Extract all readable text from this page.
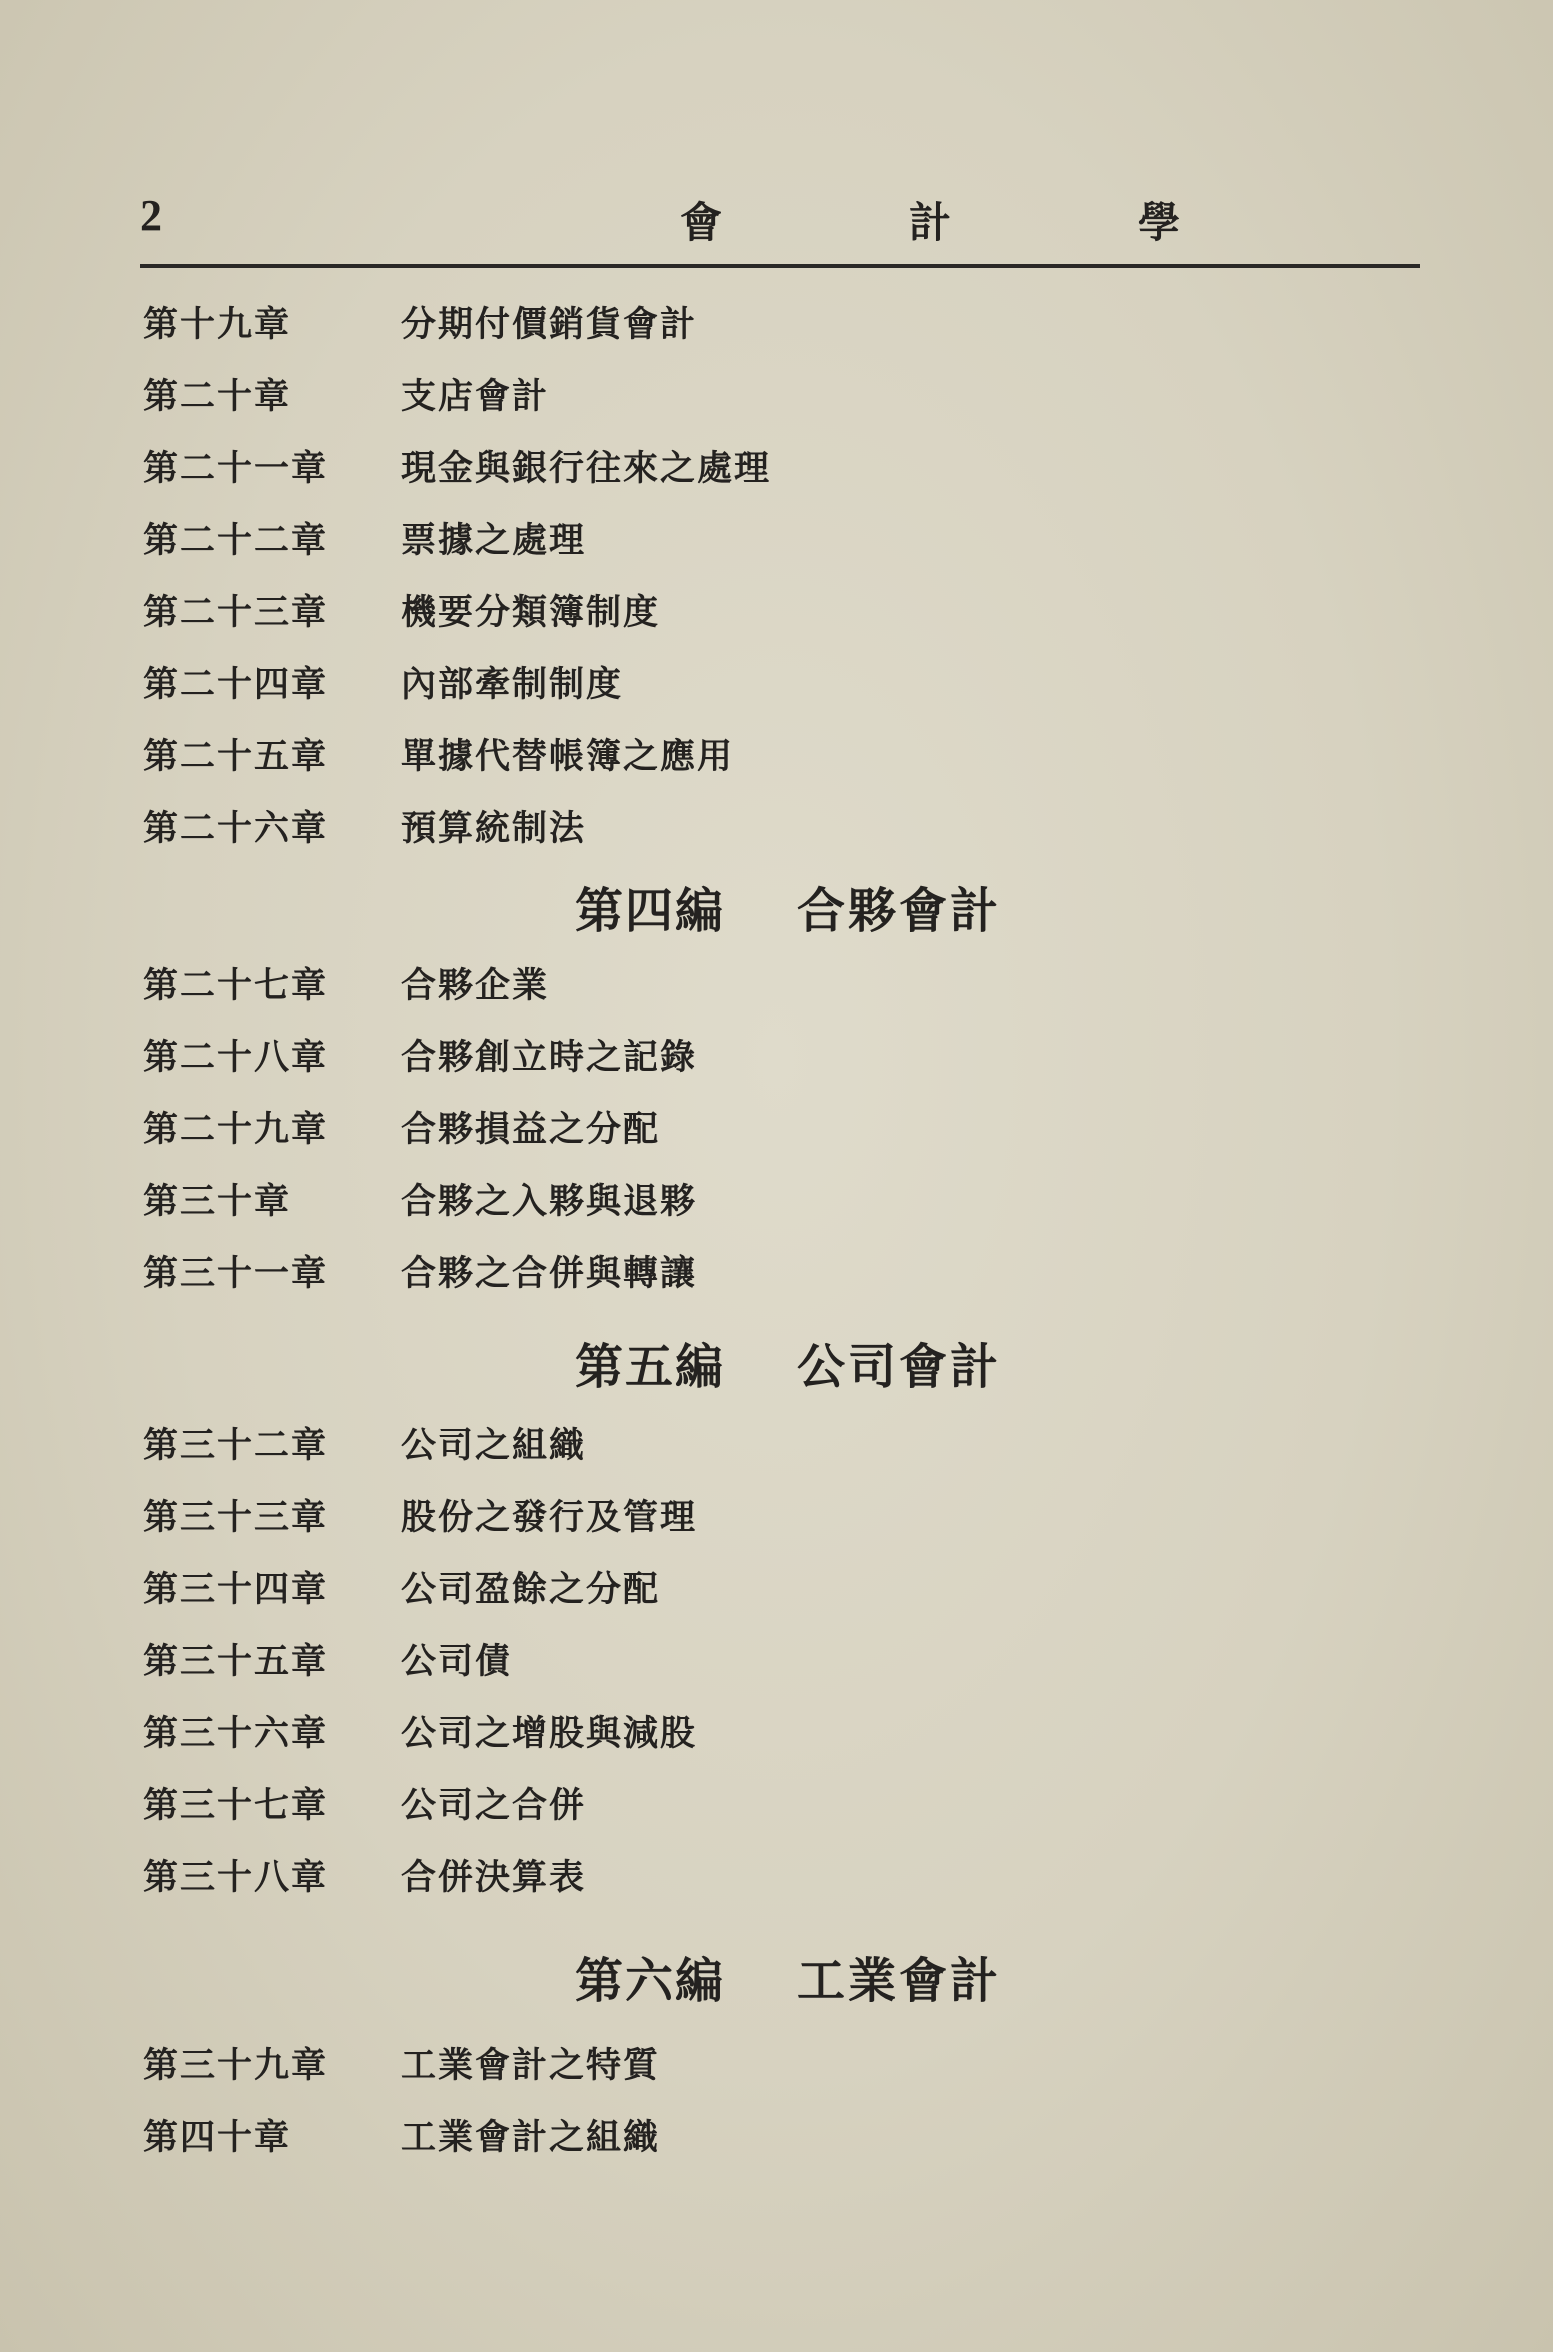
2	會	計	學
第十九章	分期付價銷貨會計
第二十章	支店會計
第二十一章 現金與銀行往來之處理
第二十二章 票據之處理
第二十三章 機要分類簿制度
第二十四章 內部牽制制度
第二十五章 單據代替帳簿之應用
第二十六章 預算統制法
第四編 合夥會計
第二十七章 合夥企業
第二十八章 合夥創立時之記錄
第二十九章 合夥損益之分配
第三十章	合夥之入夥與退夥
第三十一章 合夥之合併與轉讓
第五編 公司會計
第三十二章 公司之組織
第三十三章 股份之發行及管理
第三十四章 公司盈餘之分配
第三十五章 公司債
第三十六章 公司之增股與減股
第三十七章 公司之合併
第三十八章 合併決算表
第六編 工業會計
第三十九章 工業會計之特質
第四十章	工業會計之組織
